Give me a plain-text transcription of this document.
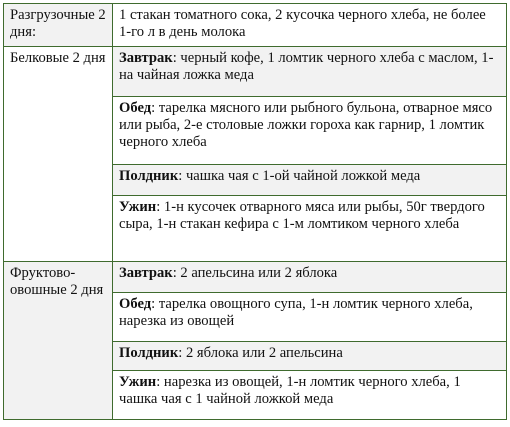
Разгрузочные 2 дня:	1 стакан томатного сока, 2 кусочка черного хлеба, не более 1-го л в день молока
Белковые 2 дня	Завтрак: черный кофе, 1 ломтик черного хлеба с маслом, 1-на чайная ложка меда
	Обед: тарелка мясного или рыбного бульона, отварное мясо или рыба, 2-е столовые ложки гороха как гарнир, 1 ломтик черного хлеба
	Полдник: чашка чая с 1-ой чайной ложкой меда
	Ужин: 1-н кусочек отварного мяса или рыбы, 50г твердого сыра, 1-н стакан кефира с 1-м ломтиком черного хлеба
Фруктово-овошные 2 дня	Завтрак: 2 апельсина или 2 яблока
	Обед: тарелка овощного супа, 1-н ломтик черного хлеба, нарезка из овощей
	Полдник: 2 яблока или 2 апельсина
	Ужин: нарезка из овощей, 1-н ломтик черного хлеба, 1 чашка чая с 1 чайной ложкой меда
